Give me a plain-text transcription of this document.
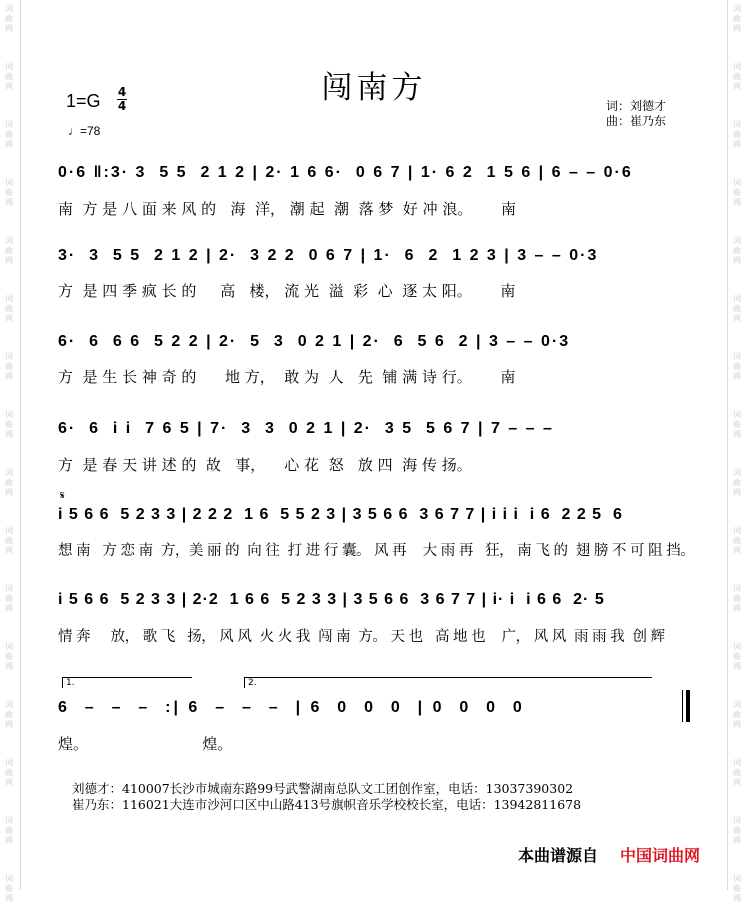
词
曲
网
词
曲
网
词
曲
网
词
曲
网
词
曲
网
词
曲
网
词
曲
网
词
曲
网
词
曲
网
词
曲
网
词
曲
网
词
曲
网
词
曲
网
词
曲
网
词
曲
网
词
曲
网
词
曲
网
词
曲
网
词
曲
网
词
曲
网
词
曲
网
词
曲
网
词
曲
网
词
曲
网
词
曲
网
词
曲
网
词
曲
网
词
曲
网
词
曲
网
词
曲
网
词
曲
网
词
曲
网
闯南方
1=G 4
4
♩=78
词：刘德才
曲：崔乃东
0·6 ‖:3· 3  5 5  2 1 2 | 2· 1 6 6·  0 6 7 | 1· 6 2  1 5 6 | 6 – – 0·6
南  方 是 八 面 来 风 的   海  洋， 潮 起  潮  落 梦  好 冲 浪。      南
3·  3  5 5  2 1 2 | 2·  3 2 2  0 6 7 | 1·  6  2  1 2 3 | 3 – – 0·3
方  是 四 季 疯 长 的     高   楼， 流 光  溢  彩  心  逐 太 阳。      南
6·  6  6 6  5 2 2 | 2·  5  3  0 2 1 | 2·  6  5 6  2 | 3 – – 0·3
方  是 生 长 神 奇 的      地 方，  敢 为  人   先  铺 满 诗 行。      南
6·  6  i i  7 6 5 | 7·  3  3  0 2 1 | 2·  3 5  5 6 7 | 7 – – –
方  是 春 天 讲 述 的  故   事，    心 花  怒   放 四  海 传 扬。
𝄋
i 5 6 6  5 2 3 3 | 2 2 2  1 6  5 5 2 3 | 3 5 6 6  3 6 7 7 | i i i  i 6  2 2 5  6
想 南   方 恋 南  方，美 丽 的  向 往  打 进 行 囊。 风 再    大 雨 再   狂， 南 飞 的  翅 膀 不 可 阻 挡。
i 5 6 6  5 2 3 3 | 2·2  1 6 6  5 2 3 3 | 3 5 6 6  3 6 7 7 | i· i  i 6 6  2· 5
情 奔     放， 歌 飞   扬， 风 风  火 火 我  闯 南  方。 天 也   高 地 也    广， 风 风  雨 雨 我  创 辉
1.	2.
6  –  –  –  :| 6  –  –  –  | 6  0  0  0  | 0  0  0  0
煌。                        煌。
刘德才：410007长沙市城南东路99号武警湖南总队文工团创作室，电话：13037390302
崔乃东：116021大连市沙河口区中山路413号旗帜音乐学校校长室，电话：13942811678
本曲谱源自 中国词曲网
